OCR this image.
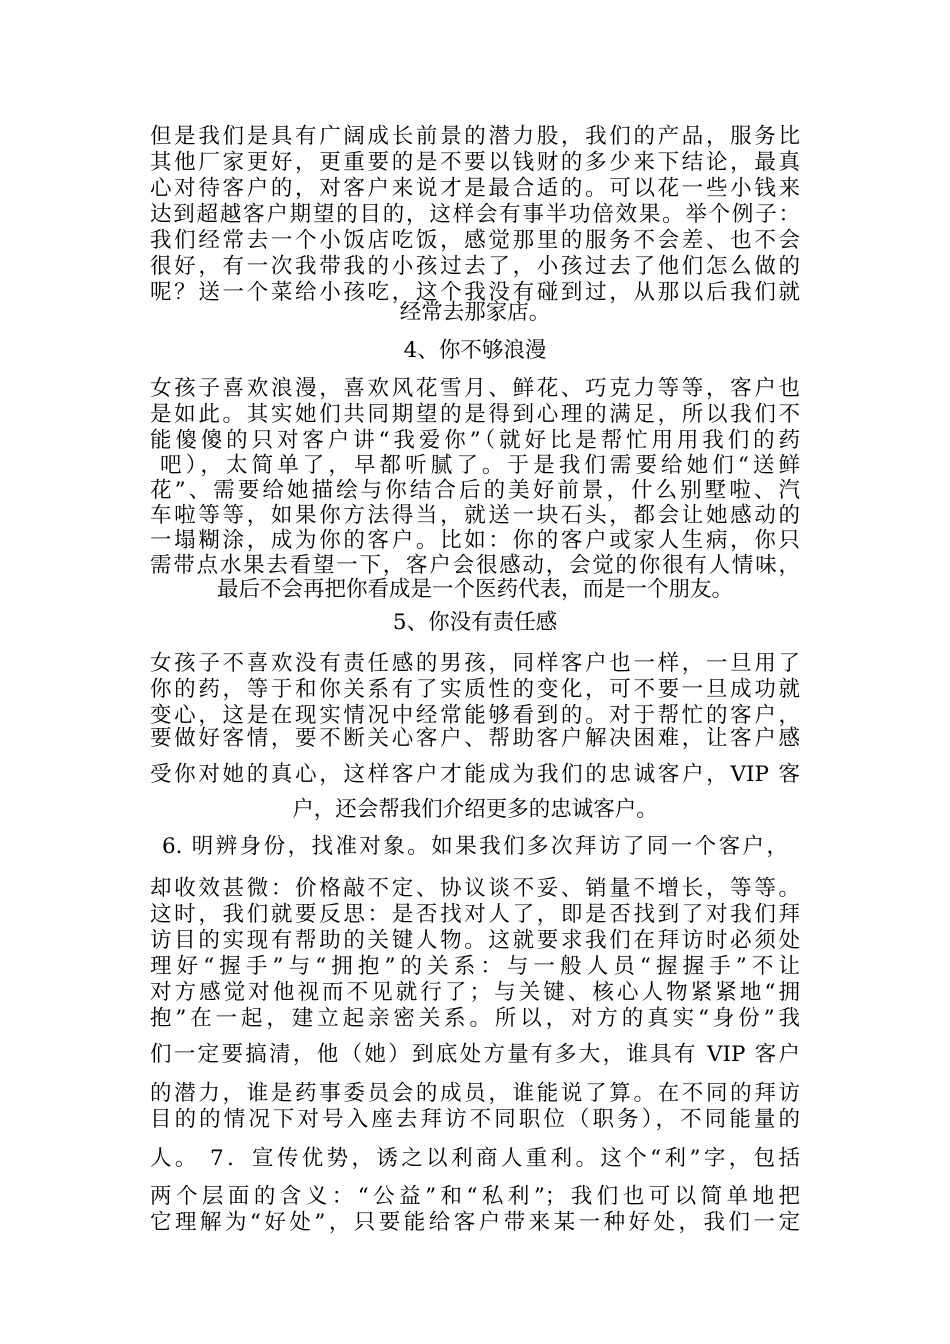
但是我们是具有广阔成长前景的潜力股，我们的产品，服务比
其他厂家更好，更重要的是不要以钱财的多少来下结论，最真
心对待客户的，对客户来说才是最合适的。可以花一些小钱来
达到超越客户期望的目的，这样会有事半功倍效果。举个例子：
我们经常去一个小饭店吃饭，感觉那里的服务不会差、也不会
很好，有一次我带我的小孩过去了，小孩过去了他们怎么做的
呢？送一个菜给小孩吃，这个我没有碰到过，从那以后我们就
经常去那家店。
4、你不够浪漫
女孩子喜欢浪漫，喜欢风花雪月、鲜花、巧克力等等，客户也
是如此。其实她们共同期望的是得到心理的满足，所以我们不
能傻傻的只对客户讲“我爱你”（就好比是帮忙用用我们的药
吧），太简单了，早都听腻了。于是我们需要给她们“送鲜
花”、需要给她描绘与你结合后的美好前景，什么别墅啦、汽
车啦等等，如果你方法得当，就送一块石头，都会让她感动的
一塌糊涂，成为你的客户。比如：你的客户或家人生病，你只
需带点水果去看望一下，客户会很感动，会觉的你很有人情味，
最后不会再把你看成是一个医药代表，而是一个朋友。
5、你没有责任感
女孩子不喜欢没有责任感的男孩，同样客户也一样，一旦用了
你的药，等于和你关系有了实质性的变化，可不要一旦成功就
变心，这是在现实情况中经常能够看到的。对于帮忙的客户，
要做好客情，要不断关心客户、帮助客户解决困难，让客户感
受你对她的真心，这样客户才能成为我们的忠诚客户，VIP 客
户，还会帮我们介绍更多的忠诚客户。
6. 明辨身份，找准对象。如果我们多次拜访了同一个客户，
却收效甚微：价格敲不定、协议谈不妥、销量不增长，等等。
这时，我们就要反思：是否找对人了，即是否找到了对我们拜
访目的实现有帮助的关键人物。这就要求我们在拜访时必须处
理好“握手”与“拥抱”的关系：与一般人员“握握手”不让
对方感觉对他视而不见就行了；与关键、核心人物紧紧地“拥
抱”在一起，建立起亲密关系。所以，对方的真实“身份”我
们一定要搞清，他（她）到底处方量有多大，谁具有 VIP 客户
的潜力，谁是药事委员会的成员，谁能说了算。在不同的拜访
目的的情况下对号入座去拜访不同职位（职务），不同能量的
人。 7．宣传优势，诱之以利商人重利。这个“利”字，包括
两个层面的含义：“公益”和“私利”；我们也可以简单地把
它理解为“好处”，只要能给客户带来某一种好处，我们一定
